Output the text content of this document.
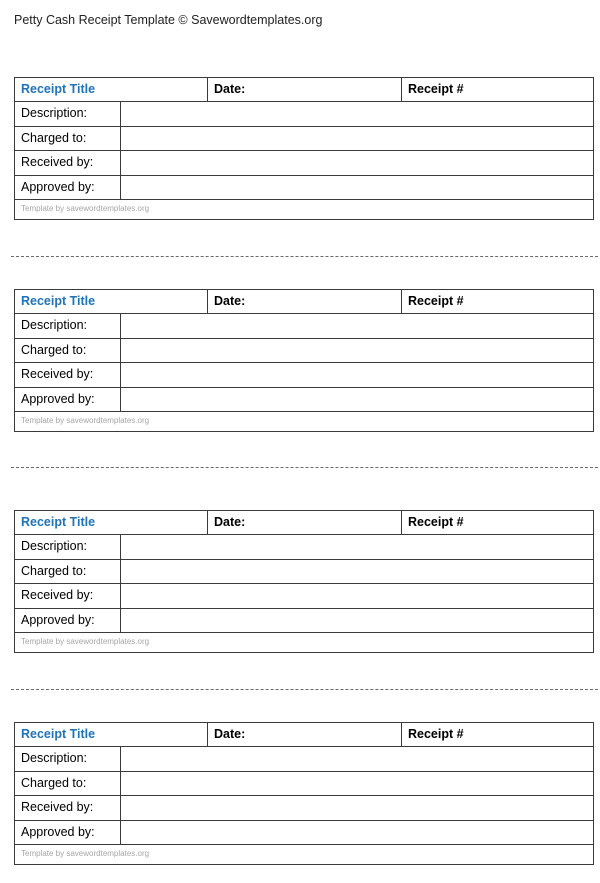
Petty Cash Receipt Template © Savewordtemplates.org
Receipt Title	Date:	Receipt #
Description:
Charged to:
Received by:
Approved by:
Template by savewordtemplates.org
Receipt Title	Date:	Receipt #
Description:
Charged to:
Received by:
Approved by:
Template by savewordtemplates.org
Receipt Title	Date:	Receipt #
Description:
Charged to:
Received by:
Approved by:
Template by savewordtemplates.org
Receipt Title	Date:	Receipt #
Description:
Charged to:
Received by:
Approved by:
Template by savewordtemplates.org
